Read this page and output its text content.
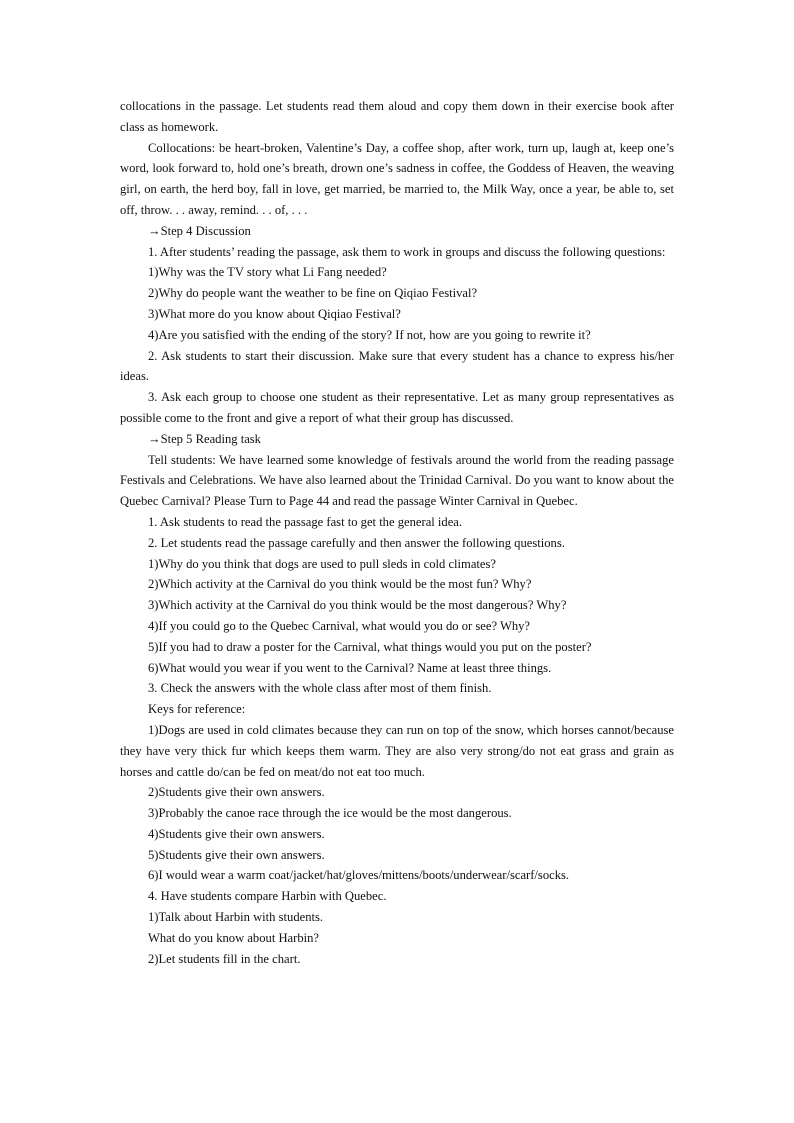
collocations in the passage. Let students read them aloud and copy them down in their exercise book after class as homework.

Collocations: be heart-broken, Valentine’s Day, a coffee shop, after work, turn up, laugh at, keep one’s word, look forward to, hold one’s breath, drown one’s sadness in coffee, the Goddess of Heaven, the weaving girl, on earth, the herd boy, fall in love, get married, be married to, the Milk Way, once a year, be able to, set off, throw. . . away, remind. . . of, . . .

→Step 4 Discussion

1. After students’ reading the passage, ask them to work in groups and discuss the following questions:

1)Why was the TV story what Li Fang needed?

2)Why do people want the weather to be fine on Qiqiao Festival?

3)What more do you know about Qiqiao Festival?

4)Are you satisfied with the ending of the story? If not, how are you going to rewrite it?

2. Ask students to start their discussion. Make sure that every student has a chance to express his/her ideas.

3. Ask each group to choose one student as their representative. Let as many group representatives as possible come to the front and give a report of what their group has discussed.

→Step 5 Reading task

Tell students: We have learned some knowledge of festivals around the world from the reading passage Festivals and Celebrations. We have also learned about the Trinidad Carnival. Do you want to know about the Quebec Carnival? Please Turn to Page 44 and read the passage Winter Carnival in Quebec.

1. Ask students to read the passage fast to get the general idea.

2. Let students read the passage carefully and then answer the following questions.

1)Why do you think that dogs are used to pull sleds in cold climates?

2)Which activity at the Carnival do you think would be the most fun? Why?

3)Which activity at the Carnival do you think would be the most dangerous? Why?

4)If you could go to the Quebec Carnival, what would you do or see? Why?

5)If you had to draw a poster for the Carnival, what things would you put on the poster?

6)What would you wear if you went to the Carnival? Name at least three things.

3. Check the answers with the whole class after most of them finish.

Keys for reference:

1)Dogs are used in cold climates because they can run on top of the snow, which horses cannot/because they have very thick fur which keeps them warm. They are also very strong/do not eat grass and grain as horses and cattle do/can be fed on meat/do not eat too much.

2)Students give their own answers.

3)Probably the canoe race through the ice would be the most dangerous.

4)Students give their own answers.

5)Students give their own answers.

6)I would wear a warm coat/jacket/hat/gloves/mittens/boots/underwear/scarf/socks.

4. Have students compare Harbin with Quebec.

1)Talk about Harbin with students.

What do you know about Harbin?

2)Let students fill in the chart.
